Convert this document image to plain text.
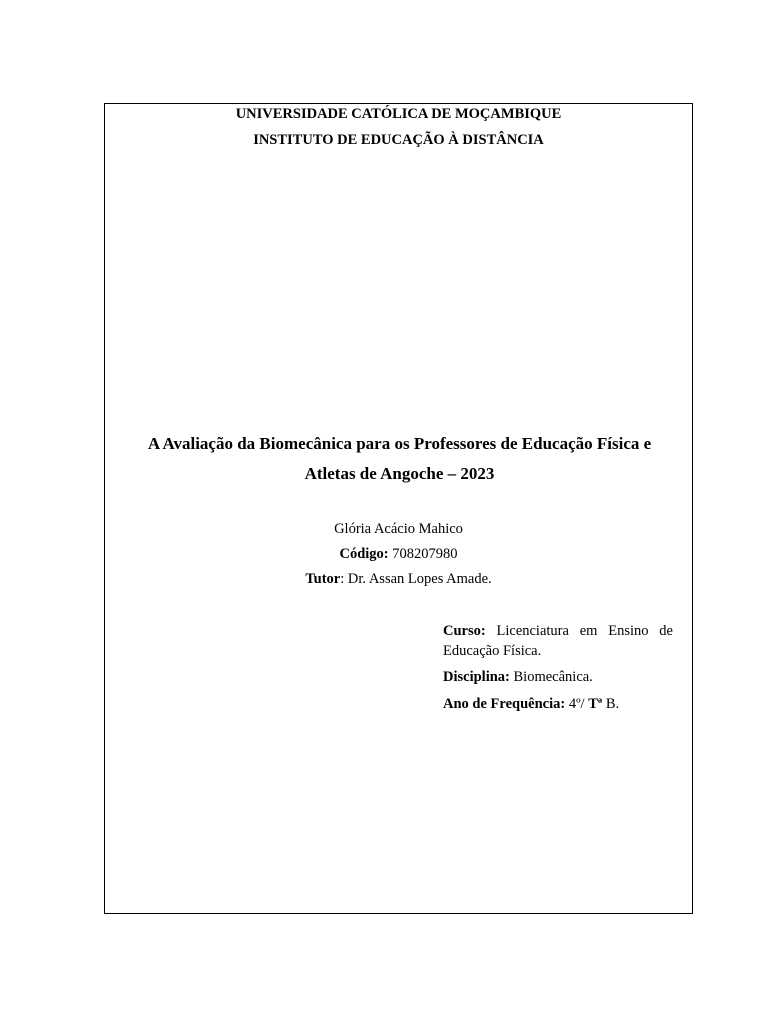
UNIVERSIDADE CATÓLICA DE MOÇAMBIQUE
INSTITUTO DE EDUCAÇÃO À DISTÂNCIA
A Avaliação da Biomecânica para os Professores de Educação Física e
Atletas de Angoche – 2023
Glória Acácio Mahico
Código: 708207980
Tutor: Dr. Assan Lopes Amade.
Curso: Licenciatura em Ensino de Educação Física.
Disciplina: Biomecânica.
Ano de Frequência: 4º/ Tª B.
